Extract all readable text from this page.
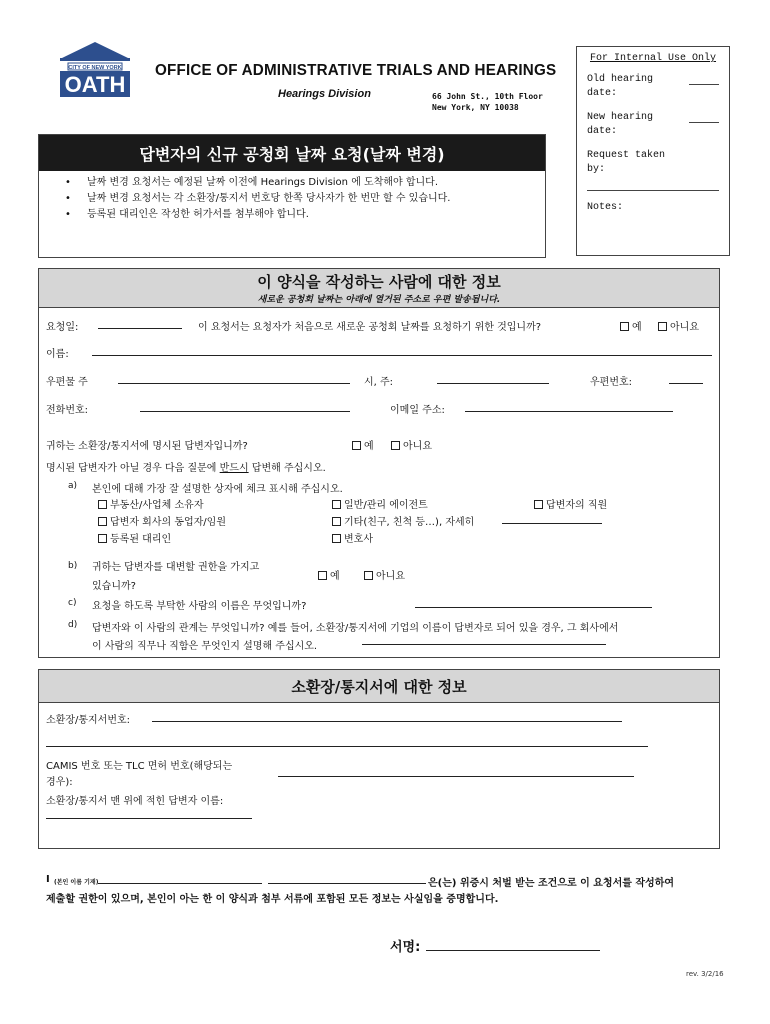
CITY OF NEW YORK
OATH
OFFICE OF ADMINISTRATIVE TRIALS AND HEARINGS
Hearings Division	66 John St., 10th Floor
New York, NY 10038
For Internal Use Only
Old hearing
date:
New hearing
date:
Request taken
by:
Notes:
답변자의 신규 공청회 날짜 요청(날짜 변경)
• 날짜 변경 요청서는 예정된 날짜 이전에 Hearings Division 에 도착해야 합니다.
• 날짜 변경 요청서는 각 소환장/통지서 번호당 한쪽 당사자가 한 번만 할 수 있습니다.
• 등록된 대리인은 작성한 허가서를 첨부해야 합니다.
이 양식을 작성하는 사람에 대한 정보
새로운 공청회 날짜는 아래에 열거된 주소로 우편 발송됩니다.
요청일:	이 요청서는 요청자가 처음으로 새로운 공청회 날짜를 요청하기 위한 것입니까?	예	아니요
이름:
우편물 주	시, 주:	우편번호:
전화번호:	이메일 주소:
귀하는 소환장/통지서에 명시된 답변자입니까?	예	아니요
명시된 답변자가 아닐 경우 다음 질문에 반드시 답변해 주십시오.
a) 본인에 대해 가장 잘 설명한 상자에 체크 표시해 주십시오.
부동산/사업체 소유자	일반/관리 에이전트	답변자의 직원
답변자 회사의 동업자/임원	기타(친구, 친척 등…), 자세히
등록된 대리인	변호사
b) 귀하는 답변자를 대변할 권한을 가지고
있습니까?
예	아니요
c) 요청을 하도록 부탁한 사람의 이름은 무엇입니까?
d) 답변자와 이 사람의 관계는 무엇입니까? 예를 들어, 소환장/통지서에 기업의 이름이 답변자로 되어 있을 경우, 그 회사에서
이 사람의 직무나 직함은 무엇인지 설명해 주십시오.
소환장/통지서에 대한 정보
소환장/통지서번호:
CAMIS 번호 또는 TLC 면허 번호(해당되는
경우):
소환장/통지서 맨 위에 적힌 답변자 이름:
I (본인 이름 기재)	은(는) 위증시 처벌 받는 조건으로 이 요청서를 작성하여
제출할 권한이 있으며, 본인이 아는 한 이 양식과 첨부 서류에 포함된 모든 정보는 사실임을 증명합니다.
서명:
rev. 3/2/16
